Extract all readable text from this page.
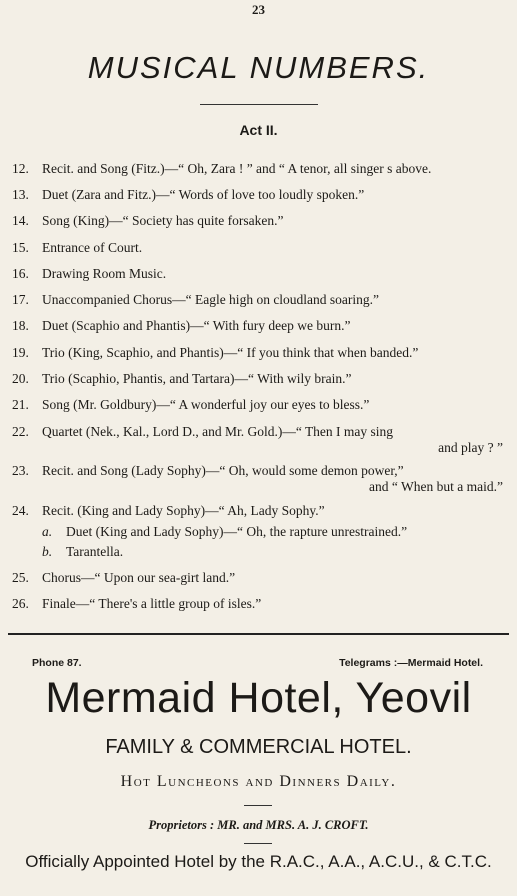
23
MUSICAL NUMBERS.
Act II.
12. Recit. and Song (Fitz.)—“ Oh, Zara ! ” and “ A tenor, all singer s above.
13. Duet (Zara and Fitz.)—“ Words of love too loudly spoken.”
14. Song (King)—“ Society has quite forsaken.”
15. Entrance of Court.
16. Drawing Room Music.
17. Unaccompanied Chorus—“ Eagle high on cloudland soaring.”
18. Duet (Scaphio and Phantis)—“ With fury deep we burn.”
19. Trio (King, Scaphio, and Phantis)—“ If you think that when banded.”
20. Trio (Scaphio, Phantis, and Tartara)—“ With wily brain.”
21. Song (Mr. Goldbury)—“ A wonderful joy our eyes to bless.”
22. Quartet (Nek., Kal., Lord D., and Mr. Gold.)—“ Then I may sing
and play ? ”
23. Recit. and Song (Lady Sophy)—“ Oh, would some demon power,”
and “ When but a maid.”
24. Recit. (King and Lady Sophy)—“ Ah, Lady Sophy.”
a. Duet (King and Lady Sophy)—“ Oh, the rapture unrestrained.”
b. Tarantella.
25. Chorus—“ Upon our sea-girt land.”
26. Finale—“ There's a little group of isles.”
Phone 87.	Telegrams :—Mermaid Hotel.
Mermaid Hotel, Yeovil
FAMILY & COMMERCIAL HOTEL.
Hot Luncheons and Dinners Daily.
Proprietors : MR. and MRS. A. J. CROFT.
Officially Appointed Hotel by the R.A.C., A.A., A.C.U., & C.T.C.
